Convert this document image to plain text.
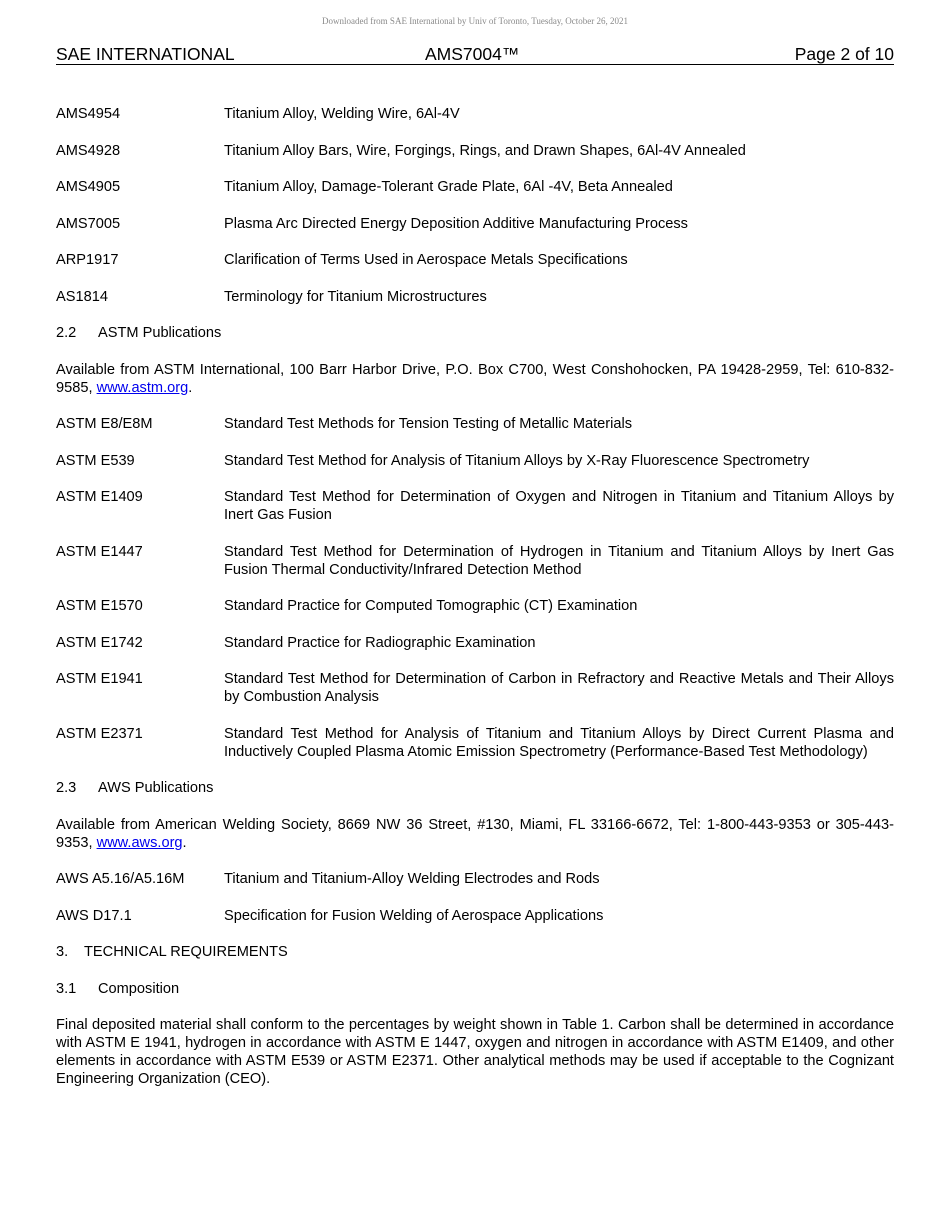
Downloaded from SAE International by Univ of Toronto, Tuesday, October 26, 2021
SAE INTERNATIONAL	AMS7004™	Page 2 of 10
AMS4954	Titanium Alloy, Welding Wire, 6Al-4V
AMS4928	Titanium Alloy Bars, Wire, Forgings, Rings, and Drawn Shapes, 6Al-4V Annealed
AMS4905	Titanium Alloy, Damage-Tolerant Grade Plate, 6Al -4V, Beta Annealed
AMS7005	Plasma Arc Directed Energy Deposition Additive Manufacturing Process
ARP1917	Clarification of Terms Used in Aerospace Metals Specifications
AS1814	Terminology for Titanium Microstructures
2.2 ASTM Publications
Available from ASTM International, 100 Barr Harbor Drive, P.O. Box C700, West Conshohocken, PA 19428-2959, Tel: 610-832-9585, www.astm.org.
ASTM E8/E8M	Standard Test Methods for Tension Testing of Metallic Materials
ASTM E539	Standard Test Method for Analysis of Titanium Alloys by X-Ray Fluorescence Spectrometry
ASTM E1409	Standard Test Method for Determination of Oxygen and Nitrogen in Titanium and Titanium Alloys by Inert Gas Fusion
ASTM E1447	Standard Test Method for Determination of Hydrogen in Titanium and Titanium Alloys by Inert Gas Fusion Thermal Conductivity/Infrared Detection Method
ASTM E1570	Standard Practice for Computed Tomographic (CT) Examination
ASTM E1742	Standard Practice for Radiographic Examination
ASTM E1941	Standard Test Method for Determination of Carbon in Refractory and Reactive Metals and Their Alloys by Combustion Analysis
ASTM E2371	Standard Test Method for Analysis of Titanium and Titanium Alloys by Direct Current Plasma and Inductively Coupled Plasma Atomic Emission Spectrometry (Performance-Based Test Methodology)
2.3 AWS Publications
Available from American Welding Society, 8669 NW 36 Street, #130, Miami, FL 33166-6672, Tel: 1-800-443-9353 or 305-443-9353, www.aws.org.
AWS A5.16/A5.16M	Titanium and Titanium-Alloy Welding Electrodes and Rods
AWS D17.1	Specification for Fusion Welding of Aerospace Applications
3. TECHNICAL REQUIREMENTS
3.1 Composition
Final deposited material shall conform to the percentages by weight shown in Table 1. Carbon shall be determined in accordance with ASTM E 1941, hydrogen in accordance with ASTM E 1447, oxygen and nitrogen in accordance with ASTM E1409, and other elements in accordance with ASTM E539 or ASTM E2371. Other analytical methods may be used if acceptable to the Cognizant Engineering Organization (CEO).
